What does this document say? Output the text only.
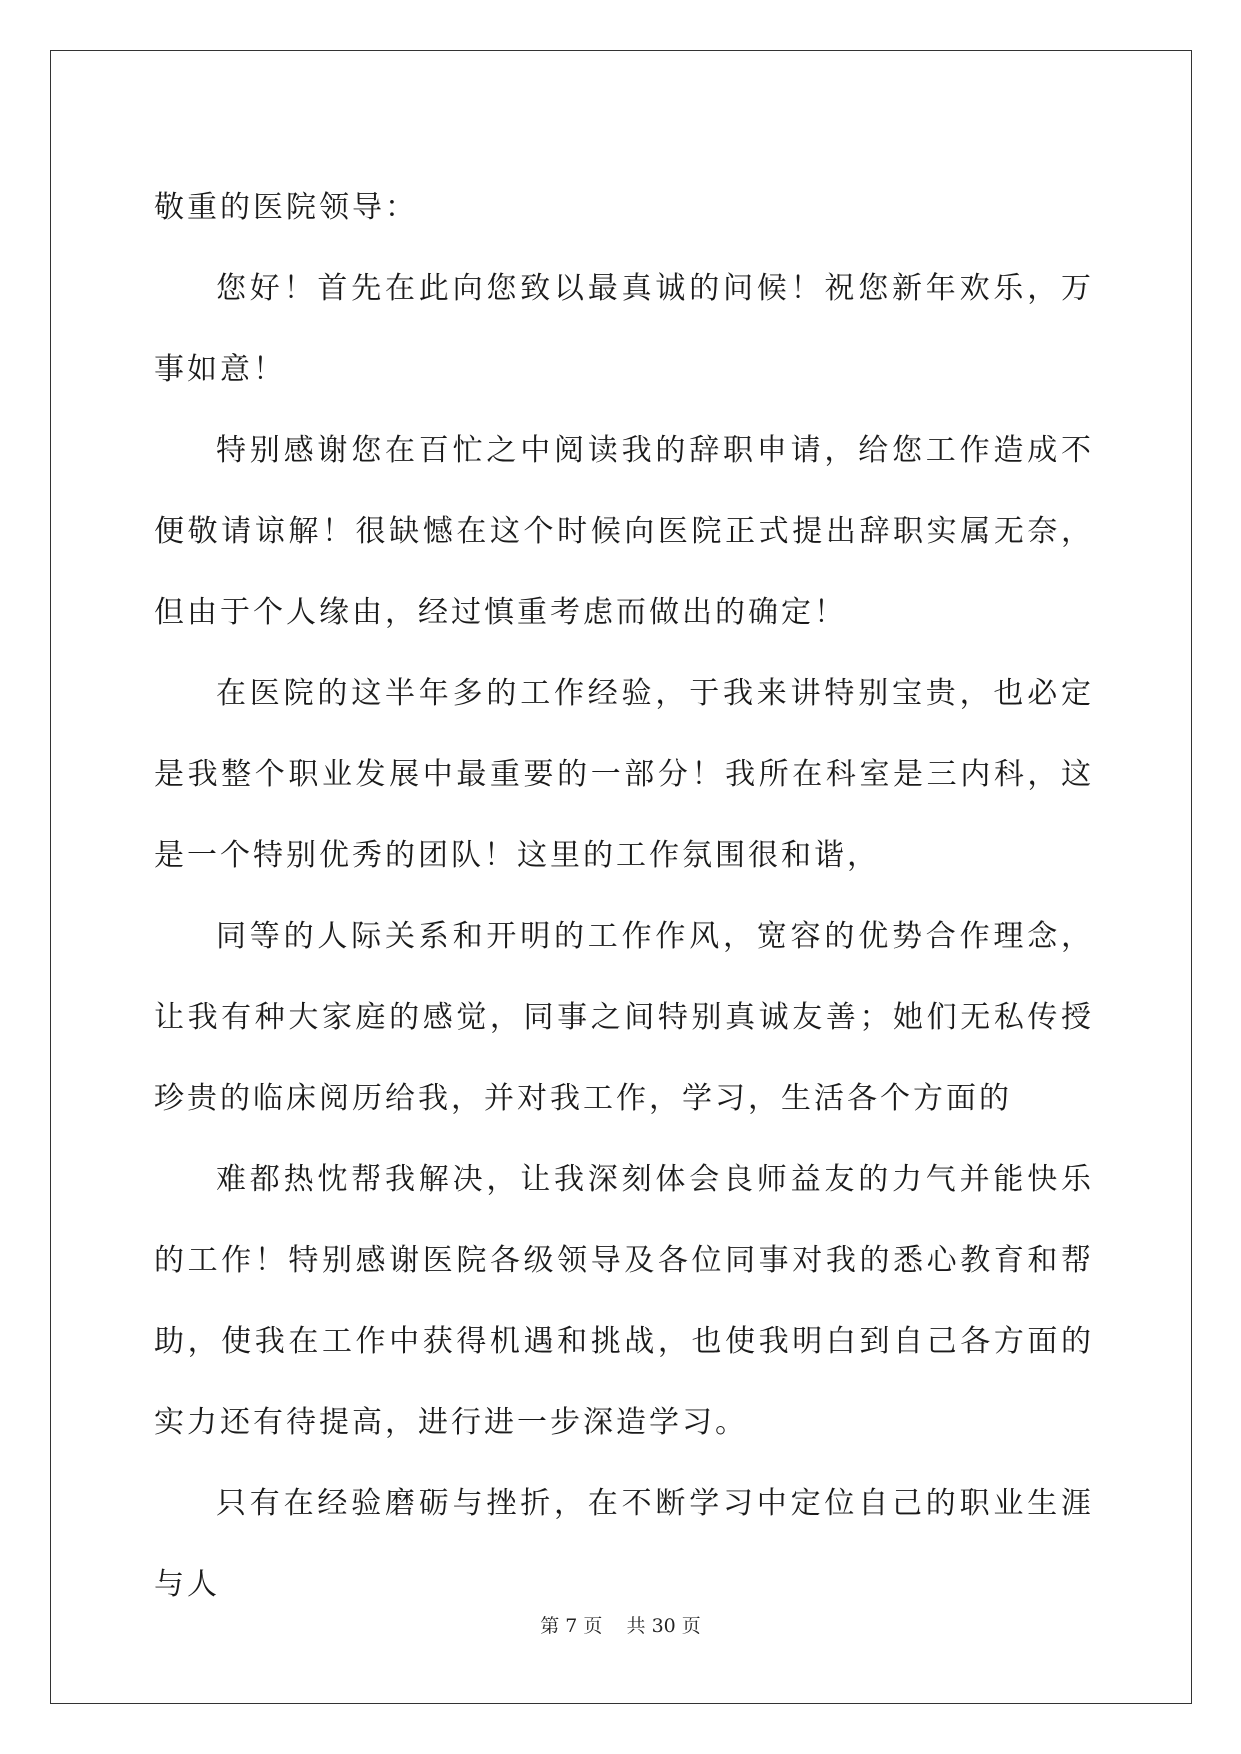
敬重的医院领导：

您好！首先在此向您致以最真诚的问候！祝您新年欢乐，万事如意！

特别感谢您在百忙之中阅读我的辞职申请，给您工作造成不便敬请谅解！很缺憾在这个时候向医院正式提出辞职实属无奈，但由于个人缘由，经过慎重考虑而做出的确定！

在医院的这半年多的工作经验，于我来讲特别宝贵，也必定是我整个职业发展中最重要的一部分！我所在科室是三内科，这是一个特别优秀的团队！这里的工作氛围很和谐，

同等的人际关系和开明的工作作风，宽容的优势合作理念，让我有种大家庭的感觉，同事之间特别真诚友善；她们无私传授珍贵的临床阅历给我，并对我工作，学习，生活各个方面的

难都热忱帮我解决，让我深刻体会良师益友的力气并能快乐的工作！特别感谢医院各级领导及各位同事对我的悉心教育和帮助，使我在工作中获得机遇和挑战，也使我明白到自己各方面的实力还有待提高，进行进一步深造学习。

只有在经验磨砺与挫折，在不断学习中定位自己的职业生涯与人

第 7 页    共 30 页
